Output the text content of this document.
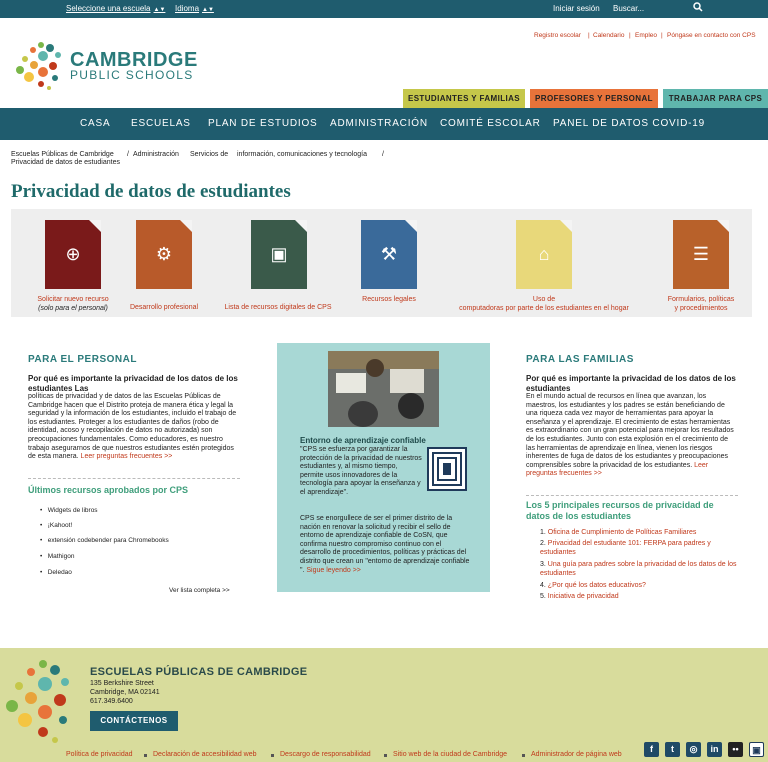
Seleccione una escuela ▲▼ Idioma ▲▼	Iniciar sesión Buscar...
CAMBRIDGE
PUBLIC SCHOOLS
Registro escolar | Calendario | Empleo | Póngase en contacto con CPS
ESTUDIANTES Y FAMILIAS	PROFESORES Y PERSONAL	TRABAJAR PARA CPS
CASA ESCUELAS PLAN DE ESTUDIOS ADMINISTRACIÓN COMITÉ ESCOLAR PANEL DE DATOS COVID-19
Escuelas Públicas de Cambridge / Administración Servicios de información, comunicaciones y tecnología /
Privacidad de datos de estudiantes
Privacidad de datos de estudiantes
⊕	⚙	▣	⚒	⌂	☰
Solicitar nuevo recurso
(solo para el personal)	Desarrollo profesional	Lista de recursos digitales de CPS
Recursos legales	Uso de
computadoras por parte de los estudiantes en el hogar
Formularios, políticas
y procedimientos
PARA EL PERSONAL
Por qué es importante la privacidad de los datos de los estudiantes Las
políticas de privacidad y de datos de las Escuelas Públicas de Cambridge hacen que el Distrito proteja de manera ética y legal la seguridad y la información de los estudiantes, incluido el trabajo de los estudiantes. Proteger a los estudiantes de daños (robo de identidad, acoso y recopilación de datos no autorizada) son preocupaciones fundamentales. Como educadores, es nuestro trabajo asegurarnos de que nuestros estudiantes estén protegidos de esta manera. Leer preguntas frecuentes >>
Últimos recursos aprobados por CPS
•   Widgets de libros
•   ¡Kahoot!
•   extensión codebender para Chromebooks
•   Mathigon
•   Deledao
Ver lista completa >>
Entorno de aprendizaje confiable
"CPS se esfuerza por garantizar la protección de la privacidad de nuestros estudiantes y, al mismo tiempo, permite usos innovadores de la tecnología para apoyar la enseñanza y el aprendizaje".
CPS se enorgullece de ser el primer distrito de la nación en renovar la solicitud y recibir el sello de entorno de aprendizaje confiable de CoSN, que confirma nuestro compromiso continuo con el desarrollo de procedimientos, políticas y prácticas del distrito que crean un "entorno de aprendizaje confiable ". Sigue leyendo >>
PARA LAS FAMILIAS
Por qué es importante la privacidad de los datos de los estudiantes
En el mundo actual de recursos en línea que avanzan, los maestros, los estudiantes y los padres se están beneficiando de una riqueza cada vez mayor de herramientas para apoyar la enseñanza y el aprendizaje. El crecimiento de estas herramientas es extraordinario con un gran potencial para mejorar los resultados de los estudiantes. Junto con esta explosión en el crecimiento de las herramientas de aprendizaje en línea, vienen los riesgos inherentes de fuga de datos de los estudiantes y preocupaciones comprensibles sobre la privacidad de los estudiantes. Leer preguntas frecuentes >>
Los 5 principales recursos de privacidad de datos de los estudiantes
1. Oficina de Cumplimiento de Políticas Familiares
2. Privacidad del estudiante 101: FERPA para padres y estudiantes
3. Una guía para padres sobre la privacidad de los datos de los estudiantes
4. ¿Por qué los datos educativos?
5. Iniciativa de privacidad
ESCUELAS PÚBLICAS DE CAMBRIDGE
135 Berkshire Street
Cambridge, MA 02141
617.349.6400
CONTÁCTENOS
Política de privacidad	Declaración de accesibilidad web	Descargo de responsabilidad	Sitio web de la ciudad de Cambridge	Administrador de página web
f	t	◎	in	••	▣
